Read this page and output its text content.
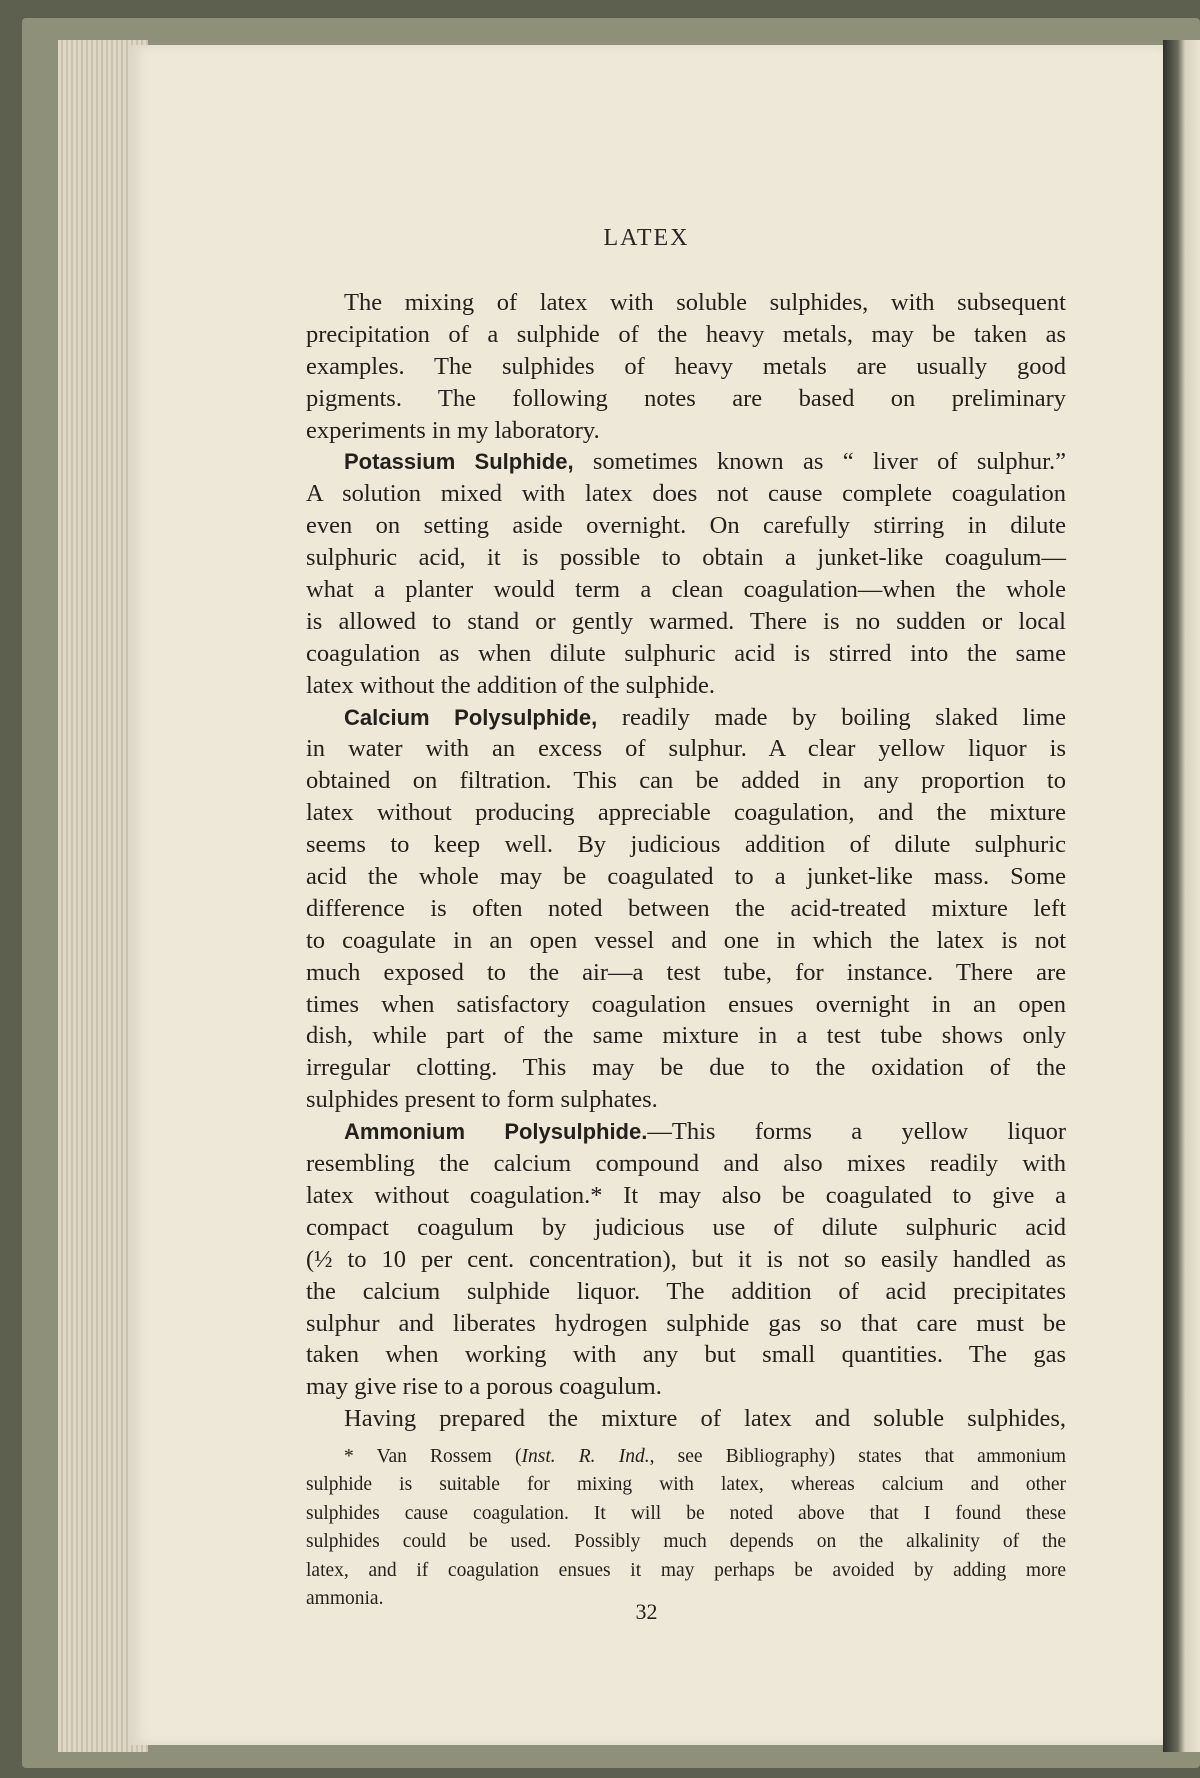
LATEX
The mixing of latex with soluble sulphides, with subsequent
precipitation of a sulphide of the heavy metals, may be taken as
examples. The sulphides of heavy metals are usually good
pigments. The following notes are based on preliminary
experiments in my laboratory.
Potassium Sulphide, sometimes known as “ liver of sulphur.”
A solution mixed with latex does not cause complete coagulation
even on setting aside overnight. On carefully stirring in dilute
sulphuric acid, it is possible to obtain a junket-like coagulum—
what a planter would term a clean coagulation—when the whole
is allowed to stand or gently warmed. There is no sudden or local
coagulation as when dilute sulphuric acid is stirred into the same
latex without the addition of the sulphide.
Calcium Polysulphide, readily made by boiling slaked lime
in water with an excess of sulphur. A clear yellow liquor is
obtained on filtration. This can be added in any proportion to
latex without producing appreciable coagulation, and the mixture
seems to keep well. By judicious addition of dilute sulphuric
acid the whole may be coagulated to a junket-like mass. Some
difference is often noted between the acid-treated mixture left
to coagulate in an open vessel and one in which the latex is not
much exposed to the air—a test tube, for instance. There are
times when satisfactory coagulation ensues overnight in an open
dish, while part of the same mixture in a test tube shows only
irregular clotting. This may be due to the oxidation of the
sulphides present to form sulphates.
Ammonium Polysulphide.—This forms a yellow liquor
resembling the calcium compound and also mixes readily with
latex without coagulation.* It may also be coagulated to give a
compact coagulum by judicious use of dilute sulphuric acid
(½ to 10 per cent. concentration), but it is not so easily handled as
the calcium sulphide liquor. The addition of acid precipitates
sulphur and liberates hydrogen sulphide gas so that care must be
taken when working with any but small quantities. The gas
may give rise to a porous coagulum.
Having prepared the mixture of latex and soluble sulphides,
* Van Rossem (Inst. R. Ind., see Bibliography) states that ammonium
sulphide is suitable for mixing with latex, whereas calcium and other
sulphides cause coagulation. It will be noted above that I found these
sulphides could be used. Possibly much depends on the alkalinity of the
latex, and if coagulation ensues it may perhaps be avoided by adding more
ammonia.
32
